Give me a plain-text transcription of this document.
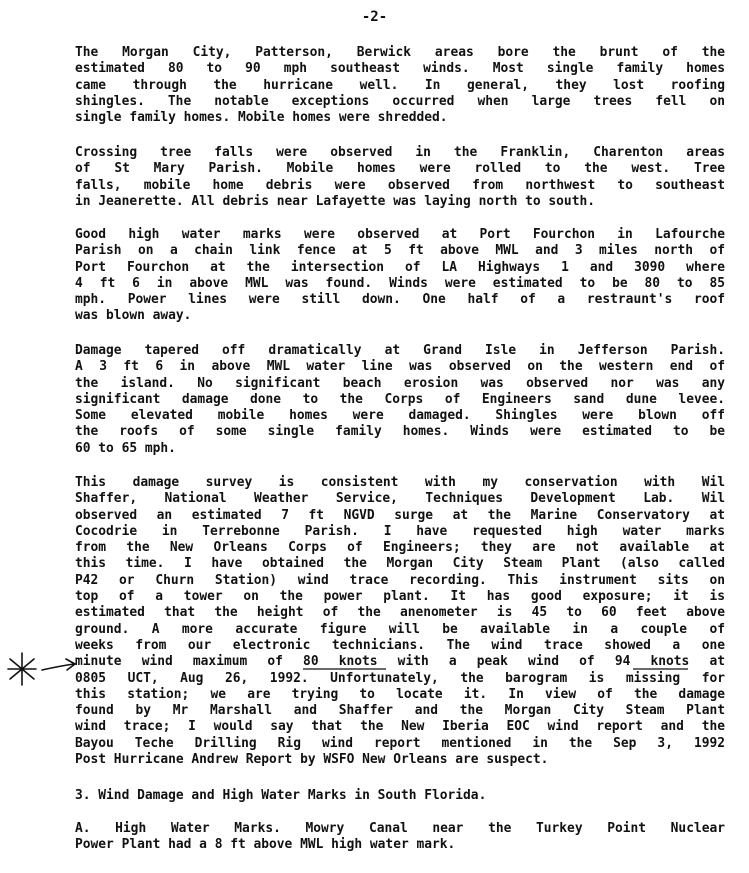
-2-
The Morgan City, Patterson, Berwick areas bore the brunt of the
estimated 80 to 90 mph southeast winds. Most single family homes
came through the hurricane well. In general, they lost roofing
shingles. The notable exceptions occurred when large trees fell on
single family homes. Mobile homes were shredded.
Crossing tree falls were observed in the Franklin, Charenton areas
of St Mary Parish. Mobile homes were rolled to the west. Tree
falls, mobile home debris were observed from northwest to southeast
in Jeanerette. All debris near Lafayette was laying north to south.
Good high water marks were observed at Port Fourchon in Lafourche
Parish on a chain link fence at 5 ft above MWL and 3 miles north of
Port Fourchon at the intersection of LA Highways 1 and 3090 where
4 ft 6 in above MWL was found. Winds were estimated to be 80 to 85
mph. Power lines were still down. One half of a restraunt's roof
was blown away.
Damage tapered off dramatically at Grand Isle in Jefferson Parish.
A 3 ft 6 in above MWL water line was observed on the western end of
the island. No significant beach erosion was observed nor was any
significant damage done to the Corps of Engineers sand dune levee.
Some elevated mobile homes were damaged. Shingles were blown off
the roofs of some single family homes. Winds were estimated to be
60 to 65 mph.
This damage survey is consistent with my conservation with Wil
Shaffer, National Weather Service, Techniques Development Lab. Wil
observed an estimated 7 ft NGVD surge at the Marine Conservatory at
Cocodrie in Terrebonne Parish. I have requested high water marks
from the New Orleans Corps of Engineers; they are not available at
this time. I have obtained the Morgan City Steam Plant (also called
P42 or Churn Station) wind trace recording. This instrument sits on
top of a tower on the power plant. It has good exposure; it is
estimated that the height of the anenometer is 45 to 60 feet above
ground. A more accurate figure will be available in a couple of
weeks from our electronic technicians. The wind trace showed a one
minute wind maximum of 80 knots with a peak wind of 94 knots at
0805 UCT, Aug 26, 1992. Unfortunately, the barogram is missing for
this station; we are trying to locate it. In view of the damage
found by Mr Marshall and Shaffer and the Morgan City Steam Plant
wind trace; I would say that the New Iberia EOC wind report and the
Bayou Teche Drilling Rig wind report mentioned in the Sep 3, 1992
Post Hurricane Andrew Report by WSFO New Orleans are suspect.
3. Wind Damage and High Water Marks in South Florida.
A. High Water Marks. Mowry Canal near the Turkey Point Nuclear
Power Plant had a 8 ft above MWL high water mark.
